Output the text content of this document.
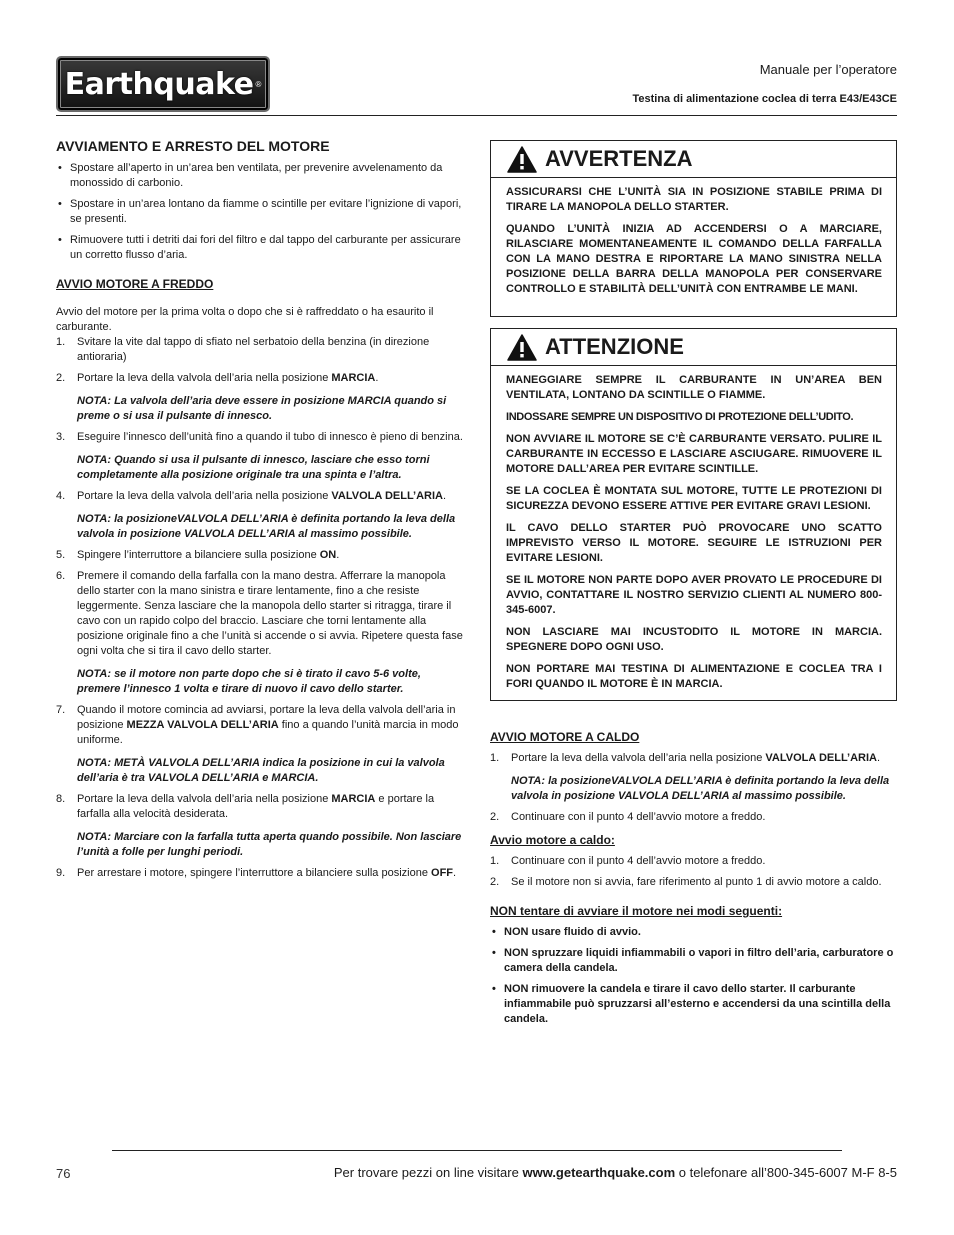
Earthquake ®
Manuale per l’operatore
Testina di alimentazione coclea di terra E43/E43CE
AVVIAMENTO E ARRESTO DEL MOTORE
• Spostare all’aperto in un’area ben ventilata, per prevenire avvelenamento da monossido di carbonio.
• Spostare in un’area lontano da fiamme o scintille per evitare l’ignizione di vapori, se presenti.
• Rimuovere tutti i detriti dai fori del filtro e dal tappo del carburante per assicurare un corretto flusso d’aria.
AVVIO MOTORE A FREDDO

Avvio del motore per la prima volta o dopo che si è raffreddato o ha esaurito il carburante.

1. Svitare la vite dal tappo di sfiato nel serbatoio della benzina (in direzione antioraria)
2. Portare la leva della valvola dell’aria nella posizione MARCIA.
NOTA: La valvola dell’aria deve essere in posizione MARCIA quando si preme o si usa il pulsante di innesco.
3. Eseguire l’innesco dell’unità fino a quando il tubo di innesco è pieno di benzina.
NOTA: Quando si usa il pulsante di innesco, lasciare che esso torni completamente alla posizione originale tra una spinta e l’altra.
4. Portare la leva della valvola dell’aria nella posizione VALVOLA DELL’ARIA.
NOTA: la posizioneVALVOLA DELL’ARIA è definita portando la leva della valvola in posizione VALVOLA DELL’ARIA al massimo possibile.
5. Spingere l’interruttore a bilanciere sulla posizione ON.
6. Premere il comando della farfalla con la mano destra. Afferrare la manopola dello starter con la mano sinistra e tirare lentamente, fino a che resiste leggermente. Senza lasciare che la manopola dello starter si ritragga, tirare il cavo con un rapido colpo del braccio. Lasciare che torni lentamente alla posizione originale fino a che l’unità si accende o si avvia. Ripetere questa fase ogni volta che si tira il cavo dello starter.
NOTA: se il motore non parte dopo che si è tirato il cavo 5-6 volte, premere l’innesco 1 volta e tirare di nuovo il cavo dello starter.
7. Quando il motore comincia ad avviarsi, portare la leva della valvola dell’aria in posizione MEZZA VALVOLA DELL’ARIA fino a quando l’unità marcia in modo uniforme.
NOTA: METÀ VALVOLA DELL’ARIA indica la posizione in cui la valvola dell’aria è tra VALVOLA DELL’ARIA e MARCIA.
8. Portare la leva della valvola dell’aria nella posizione MARCIA e portare la farfalla alla velocità desiderata.
NOTA: Marciare con la farfalla tutta aperta quando possibile. Non lasciare l’unità a folle per lunghi periodi.
9. Per arrestare i motore, spingere l’interruttore a bilanciere sulla posizione OFF.
AVVERTENZA

ASSICURARSI CHE L’UNITÀ SIA IN POSIZIONE STABILE PRIMA DI TIRARE LA MANOPOLA DELLO STARTER.

QUANDO L’UNITÀ INIZIA AD ACCENDERSI O A MARCIARE, RILASCIARE MOMENTANEAMENTE IL COMANDO DELLA FARFALLA CON LA MANO DESTRA E RIPORTARE LA MANO SINISTRA NELLA POSIZIONE DELLA BARRA DELLA MANOPOLA PER CONSERVARE CONTROLLO E STABILITÀ DELL’UNITÀ CON ENTRAMBE LE MANI.

ATTENZIONE

MANEGGIARE SEMPRE IL CARBURANTE IN UN’AREA BEN VENTILATA, LONTANO DA SCINTILLE O FIAMME.

INDOSSARE SEMPRE UN DISPOSITIVO DI PROTEZIONE DELL’UDITO.

NON AVVIARE IL MOTORE SE C’È CARBURANTE VERSATO. PULIRE IL CARBURANTE IN ECCESSO E LASCIARE ASCIUGARE. RIMUOVERE IL MOTORE DALL’AREA PER EVITARE SCINTILLE.

SE LA COCLEA È MONTATA SUL MOTORE, TUTTE LE PROTEZIONI DI SICUREZZA DEVONO ESSERE ATTIVE PER EVITARE GRAVI LESIONI.

IL CAVO DELLO STARTER PUÒ PROVOCARE UNO SCATTO IMPREVISTO VERSO IL MOTORE. SEGUIRE LE ISTRUZIONI PER EVITARE LESIONI.

SE IL MOTORE NON PARTE DOPO AVER PROVATO LE PROCEDURE DI AVVIO, CONTATTARE IL NOSTRO SERVIZIO CLIENTI AL NUMERO 800-345-6007.

NON LASCIARE MAI INCUSTODITO IL MOTORE IN MARCIA. SPEGNERE DOPO OGNI USO.

NON PORTARE MAI TESTINA DI ALIMENTAZIONE E COCLEA TRA I FORI QUANDO IL MOTORE È IN MARCIA.

AVVIO MOTORE A CALDO
1. Portare la leva della valvola dell’aria nella posizione VALVOLA DELL’ARIA.
NOTA: la posizioneVALVOLA DELL’ARIA è definita portando la leva della valvola in posizione VALVOLA DELL’ARIA al massimo possibile.
2. Continuare con il punto 4 dell’avvio motore a freddo.
Avvio motore a caldo:
1. Continuare con il punto 4 dell’avvio motore a freddo.
2. Se il motore non si avvia, fare riferimento al punto 1 di avvio motore a caldo.
NON tentare di avviare il motore nei modi seguenti:
• NON usare fluido di avvio.
• NON spruzzare liquidi infiammabili o vapori in filtro dell’aria, carburatore o camera della candela.
• NON rimuovere la candela e tirare il cavo dello starter. Il carburante infiammabile può spruzzarsi all’esterno e accendersi da una scintilla della candela.
76	Per trovare pezzi on line visitare www.getearthquake.com o telefonare all’800-345-6007 M-F 8-5
